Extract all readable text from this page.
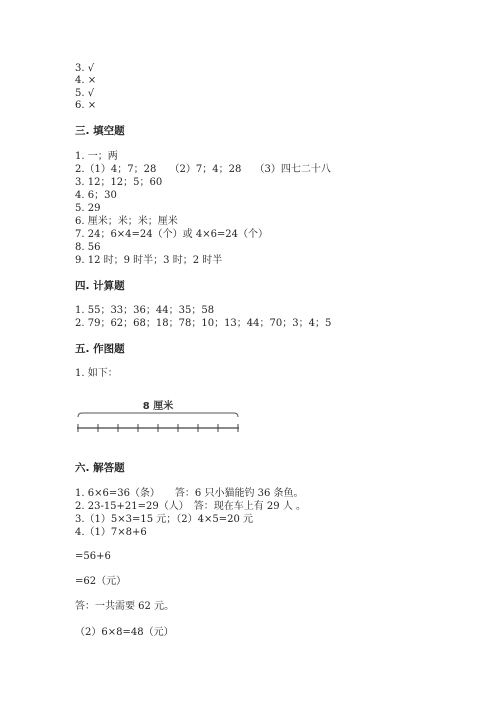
3. √
4. ×
5. √
6. ×
三. 填空题
1. 一；两
2.（1）4；7；28　 （2）7；4；28　 （3）四七二十八
3. 12；12；5；60
4. 6；30
5. 29
6. 厘米；米；米；厘米
7. 24；6×4=24（个）或 4×6=24（个）
8. 56
9. 12 时；9 时半；3 时；2 时半
四. 计算题
1. 55；33；36；44；35；58
2. 79；62；68；18；78；10；13；44；70；3；4；5
五. 作图题
1. 如下：
8 厘米
六. 解答题
1. 6×6=36（条）　　答：6 只小猫能钓 36 条鱼。
2. 23-15+21=29（人）　答：现在车上有 29 人 。
3.（1）5×3=15 元；（2）4×5=20 元
4.（1）7×8+6
=56+6
=62（元）
答：一共需要 62 元。
（2）6×8=48（元）
